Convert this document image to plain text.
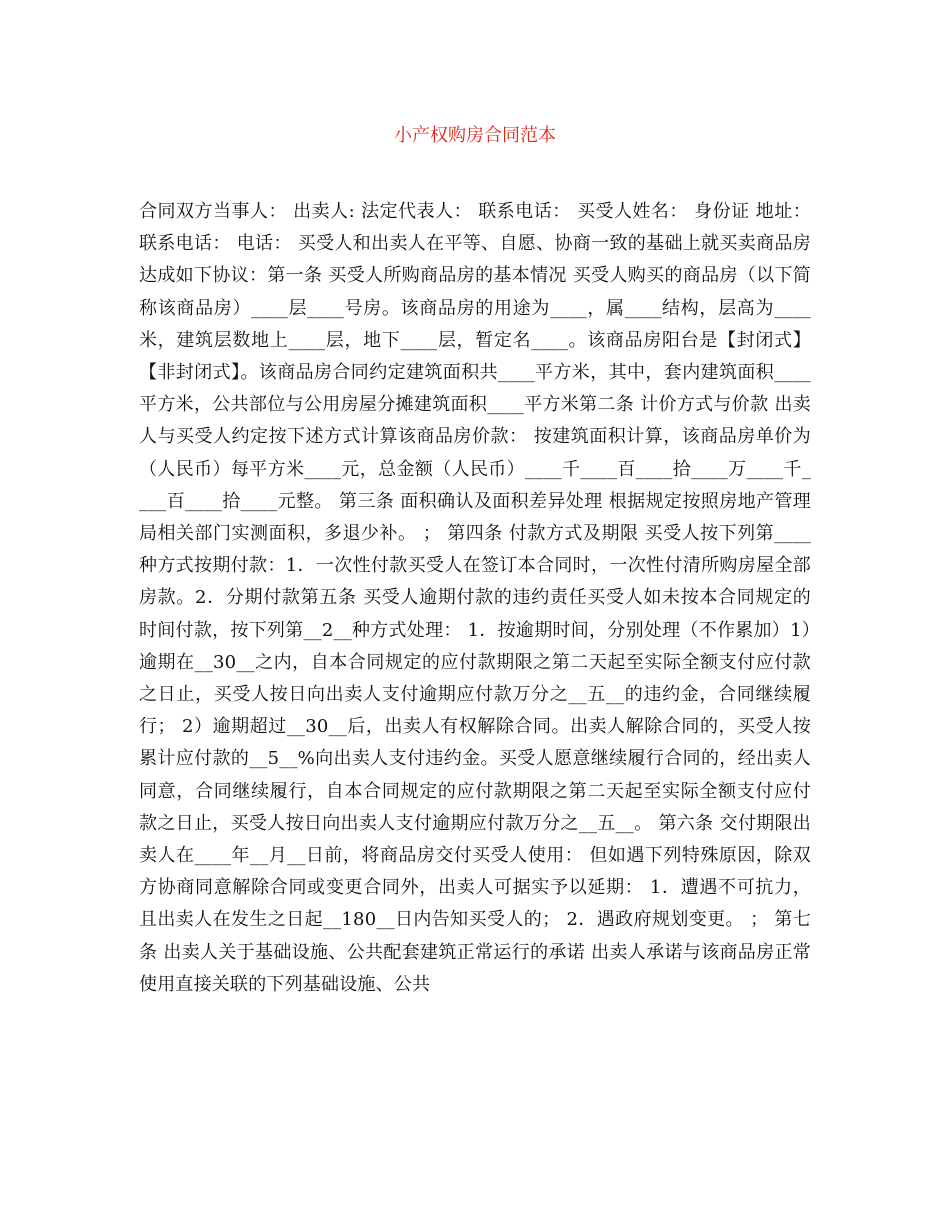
小产权购房合同范本

合同双方当事人： 出卖人: 法定代表人： 联系电话： 买受人姓名： 身份证 地址： 联系电话： 电话： 买受人和出卖人在平等、自愿、协商一致的基础上就买卖商品房达成如下协议：第一条 买受人所购商品房的基本情况 买受人购买的商品房（以下简称该商品房）____层____号房。该商品房的用途为____，属____结构，层高为____米，建筑层数地上____层，地下____层，暂定名____。该商品房阳台是【封闭式】【非封闭式】。该商品房合同约定建筑面积共____平方米，其中，套内建筑面积____平方米，公共部位与公用房屋分摊建筑面积____平方米第二条 计价方式与价款 出卖人与买受人约定按下述方式计算该商品房价款： 按建筑面积计算，该商品房单价为（人民币）每平方米____元，总金额（人民币）____千____百____拾____万____千____百____拾____元整。 第三条 面积确认及面积差异处理 根据规定按照房地产管理局相关部门实测面积，多退少补。 ； 第四条 付款方式及期限 买受人按下列第____种方式按期付款：1．一次性付款买受人在签订本合同时，一次性付清所购房屋全部房款。2．分期付款第五条 买受人逾期付款的违约责任买受人如未按本合同规定的时间付款，按下列第__2__种方式处理： 1．按逾期时间，分别处理（不作累加）1）逾期在__30__之内，自本合同规定的应付款期限之第二天起至实际全额支付应付款之日止，买受人按日向出卖人支付逾期应付款万分之__五__的违约金，合同继续履行； 2）逾期超过__30__后，出卖人有权解除合同。出卖人解除合同的，买受人按累计应付款的__5__%向出卖人支付违约金。买受人愿意继续履行合同的，经出卖人同意，合同继续履行，自本合同规定的应付款期限之第二天起至实际全额支付应付款之日止，买受人按日向出卖人支付逾期应付款万分之__五__。 第六条 交付期限出卖人在____年__月__日前，将商品房交付买受人使用： 但如遇下列特殊原因，除双方协商同意解除合同或变更合同外，出卖人可据实予以延期： 1．遭遇不可抗力，且出卖人在发生之日起__180__日内告知买受人的； 2．遇政府规划变更。 ； 第七条 出卖人关于基础设施、公共配套建筑正常运行的承诺 出卖人承诺与该商品房正常使用直接关联的下列基础设施、公共
